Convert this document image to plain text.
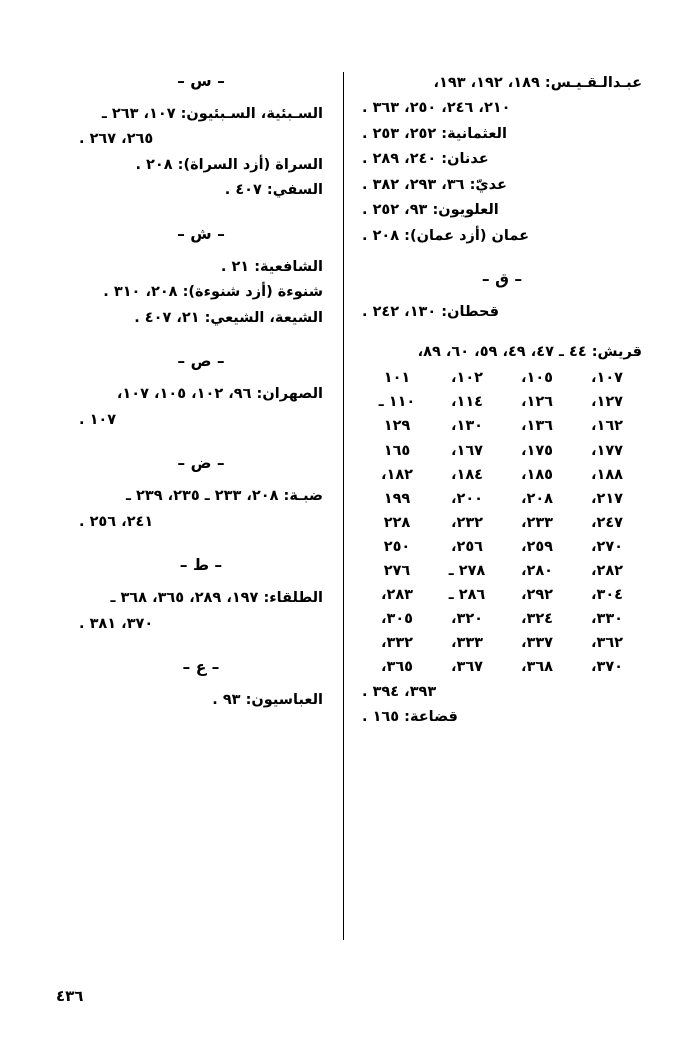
عبـدالـقـيـس: ١٨٩، ١٩٢، ١٩٣،
٢١٠، ٢٤٦، ٢٥٠، ٣٦٣ .
العثمانية: ٢٥٢، ٢٥٣ .
عدنان: ٢٤٠، ٢٨٩ .
عديّ: ٣٦، ٢٩٣، ٣٨٢ .
العلويون: ٩٣، ٢٥٢ .
عمان (أزد عمان): ٢٠٨ .
– ق –
قحطان: ١٣٠، ٢٤٢ .
قريش: ٤٤ ـ ٤٧، ٤٩، ٥٩، ٦٠، ٨٩،
١٠٧،
١٠٥،
١٠٢،
١٠١
١٢٧،
١٢٦،
١١٤،
١١٠ ـ
١٦٢،
١٣٦،
١٣٠،
١٢٩
١٧٧،
١٧٥،
١٦٧،
١٦٥
١٨٨،
١٨٥،
١٨٤،
١٨٢،
٢١٧،
٢٠٨،
٢٠٠،
١٩٩
٢٤٧،
٢٣٣،
٢٣٢،
٢٢٨
٢٧٠،
٢٥٩،
٢٥٦،
٢٥٠
٢٨٢،
٢٨٠،
٢٧٨ ـ
٢٧٦
٣٠٤،
٢٩٢،
٢٨٦ ـ
٢٨٣،
٣٣٠،
٣٢٤،
٣٢٠،
٣٠٥،
٣٦٢،
٣٣٧،
٣٣٣،
٣٣٢،
٣٧٠،
٣٦٨،
٣٦٧،
٣٦٥،
٣٩٣، ٣٩٤ .
قضاعة: ١٦٥ .
– س –
السـبئية، السـبئيون: ١٠٧، ٢٦٣ ـ
٢٦٥، ٢٦٧ .
السراة (أزد السراة): ٢٠٨ .
السفي: ٤٠٧ .
– ش –
الشافعية: ٢١ .
شنوءة (أزد شنوءة): ٢٠٨، ٣١٠ .
الشيعة، الشيعي: ٢١، ٤٠٧ .
– ص –
الصهران: ٩٦، ١٠٢، ١٠٥، ١٠٧،
١٠٧ .
– ض –
ضبـة: ٢٠٨، ٢٣٣ ـ ٢٣٥، ٢٣٩ ـ
٢٤١، ٢٥٦ .
– ط –
الطلقاء: ١٩٧، ٢٨٩، ٣٦٥، ٣٦٨ ـ
٣٧٠، ٣٨١ .
– ع –
العباسيون: ٩٣ .
٤٣٦
